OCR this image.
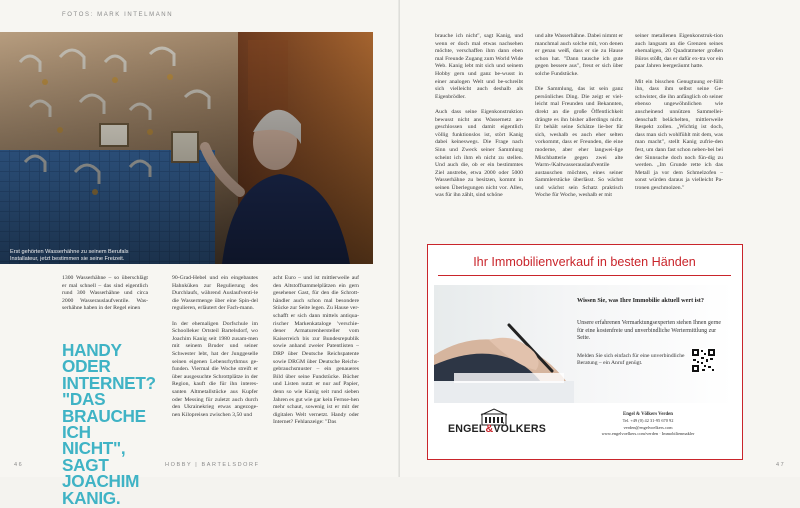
FOTOS: MARK INTELMANN
Erst gehörten Wasserhähne zu seinem Berufals Installateur, jetzt bestimmen sie seine Freizeit.

1300 Wasserhähne – so überschlägt er mal schnell – das sind eigentlich rund 300 Wasserhähne und circa 2000 Wasserauslaufventile. Was-serhähne haben in der Regel einen

HANDY ODER INTERNET? "DAS BRAUCHE ICH NICHT", SAGT JOACHIM KANIG.

90-Grad-Hebel und ein eingebautes Hahnküken zur Regulierung des Durchlaufs, während Auslaufventi-le die Wassermenge über eine Spin-del regulieren, erläutert der Fach-mann.

In der ehemaligen Dorfschule im Schoolleker Ortsteil Bartelsdorf, wo Joachim Kanig seit 1980 zusam-men mit seinem Bruder und seiner Schwester lebt, hat der Junggeselle seinen eigenen Lebensrhythmus ge-funden. Viermal die Woche streift er über ausgesuchte Schrottplätze in der Region, kauft die für ihn interes-santen Altmetallstücke aus Kupfer oder Messing für zuletzt auch durch den Ukrainekrieg etwas angezoge-nen Kilopreisen zwischen 3,50 und

acht Euro – und ist mittlerweile auf den Altstoffsammelplätzen ein gern gesehener Gast, für den die Schrott-händler auch schon mal besondere Stücke zur Seite legen. Zu Hause ver-schafft er sich dann mittels antiqua-rischer Markenkataloge 'verschie-dener Armaturenhersteller vom Kaiserreich bis zur Bundesrepublik sowie anhand zweier Patentlisten – DRP über Deutsche Reichspatente sowie DRGM über Deutsche Reichs-gebrauchsmuster – ein genaueres Bild über seine Fundstücke. Bücher und Listen nutzt er nur auf Papier, denn so wie Kanig seit rund sieben Jahren es gut wie gar kein Fernse-hen mehr schaut, sowenig ist er mit der digitalen Welt vernetzt. Handy oder Internet? Fehlanzeige: "Das

46	HOBBY | BARTELSDORF

brauche ich nicht", sagt Kanig, und wenn er doch mal etwas nachsehen möchte, verschaffen ihm dann eben mal Freunde Zugang zum World Wide Web. Kanig lebt mit sich und seinem Hobby gern und ganz be-wusst in einer analogen Welt und be-schreibt sich vielleicht auch deshalb als Eigenbrödler.

Auch dass seine Eigenkonstruktion bewusst nicht ans Wassernetz an-geschlossen und damit eigentlich völlig funktionslos ist, stört Kanig dabei keineswegs. Die Frage nach Sinn und Zweck seiner Sammlung scheint ich ihm eh nicht zu stellen. Und auch die, ob er ein bestimmtes Ziel anstrebe, etwa 2000 oder 5000 Wasserhähne zu besitzen, kommt in seinen Überlegungen nicht vor. Alles, was für ihn zählt, sind schöne

und alte Wasserhähne. Dabei nimmt er manchmal auch solche mit, von denen er genau weiß, dass er sie zu Hause schon hat. "Dann tausche ich gute gegen bessere aus", freut er sich über solche Fundstücke.

Die Sammlung, das ist sein ganz persönliches Ding. Die zeigt er viel-leicht mal Freunden und Bekannten, direkt an die große Öffentlichkeit drängte es ihn bisher allerdings nicht. Er behält seine Schätze lie-ber für sich, weshalb es auch eher selten vorkommt, dass er Freunden, die eine moderne, aber eher langwei-lige Mischbatterie gegen zwei alte Warm-/Kaltwasserauslaufventile austauschen möchten, eines seiner Sammlerstücke überlässt. So wächst und wächst sein Schatz praktisch Woche für Woche, weshalb er mit

seiner metallenen Eigenkonstruk-tion auch langsam an die Grenzen seines ehemaligen, 20 Quadratmeter großen Büros stößt, das er dafür ex-tra vor ein paar Jahren leergeräumt hatte.

Mit ein bisschen Genugtuung er-füllt ihn, dass ihm selbst seine Ge-schwister, die ihn anfänglich ob seiner ebenso ungewöhnlichen wie anscheinend unnützen Sammellei-denschaft belächelten, mittlerweile Respekt zollen. „Wichtig ist doch, dass man sich wohlfühlt mit dem, was man macht", stellt Kanig zufrie-den fest, um dann fast schon neben-bei bei der Sinnsuche doch noch fün-dig zu werden. „Im Grunde rette ich das Metall ja vor dem Schmelzofen – sonst würden daraus ja vielleicht Pa-tronen geschmolzen."

47
Ihr Immobilienverkauf in besten Händen
Wissen Sie, was Ihre Immobilie aktuell wert ist?
Unsere erfahrenen Vermarktungsexperten stehen Ihnen gerne für eine kostenfreie und unverbindliche Wertermittlung zur Seite.
Melden Sie sich einfach für eine unverbindliche Beratung – ein Anruf genügt.
ENGEL&VÖLKERS
Engel & Völkers Verden
Tel. +49 (0) 42 31-95 670 92
verden@engelvoelkers.com
www.engelvoelkers.com/verden · Immobilienmakler
